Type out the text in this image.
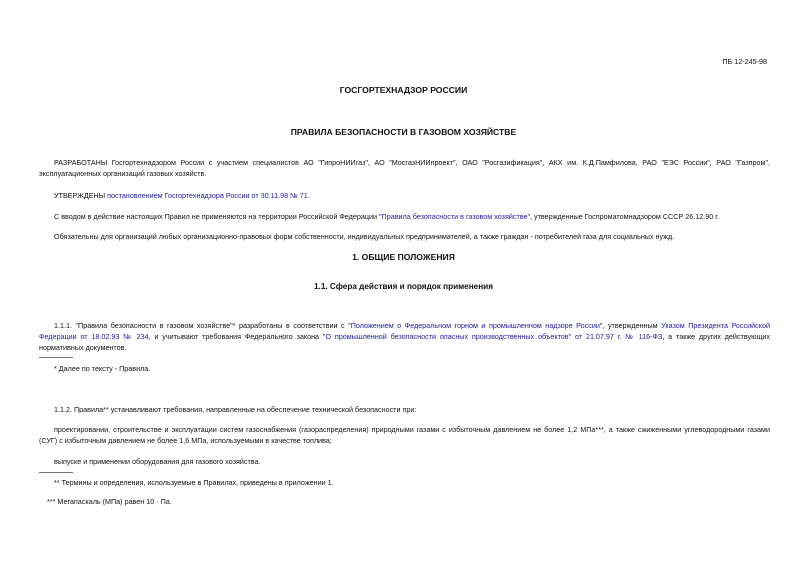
ПБ 12-245-98
ГОСГОРТЕХНАДЗОР РОССИИ
ПРАВИЛА БЕЗОПАСНОСТИ В ГАЗОВОМ ХОЗЯЙСТВЕ
РАЗРАБОТАНЫ Госгортехнадзором России с участием специалистов АО "ГипроНИИгаз", АО "МосгазНИИпроект", ОАО "Росгазификация", АКХ им. К.Д.Памфилова, РАО "ЕЭС России", РАО "Газпром",
эксплуатационных организаций газовых хозяйств.
УТВЕРЖДЕНЫ постановлением Госгортехнадзора России от 30.11.98 № 71.
С вводом в действие настоящих Правил не применяются на территории Российской Федерации "Правила безопасности в газовом хозяйстве", утвержденные Госпроматомнадзором СССР 26.12.90 г.
Обязательны для организаций любых организационно-правовых форм собственности, индивидуальных предпринимателей, а также граждан - потребителей газа для социальных нужд.
1. ОБЩИЕ ПОЛОЖЕНИЯ
1.1. Сфера действия и порядок применения
1.1.1. "Правила безопасности в газовом хозяйстве"* разработаны в соответствии с "Положением о Федеральном горном и промышленном надзоре России", утвержденным Указом Президента Российской
Федерации от 18.02.93 № 234, и учитывают требования Федерального закона "О промышленной безопасности опасных производственных объектов" от 21.07.97 г. № 116-ФЗ, а также других действующих
нормативных документов.
* Далее по тексту - Правила.
1.1.2. Правила** устанавливают требования, направленные на обеспечение технической безопасности при:
проектировании, строительстве и эксплуатации систем газоснабжения (газораспределения) природными газами с избыточным давлением не более 1,2 МПа***, а также сжиженными углеводородными газами
(СУГ) с избыточным давлением не более 1,6 МПа, используемыми в качестве топлива;
выпуске и применении оборудования для газового хозяйства.
** Термины и определения, используемые в Правилах, приведены в приложении 1.
*** Мегапаскаль (МПа) равен 10 · Па.
